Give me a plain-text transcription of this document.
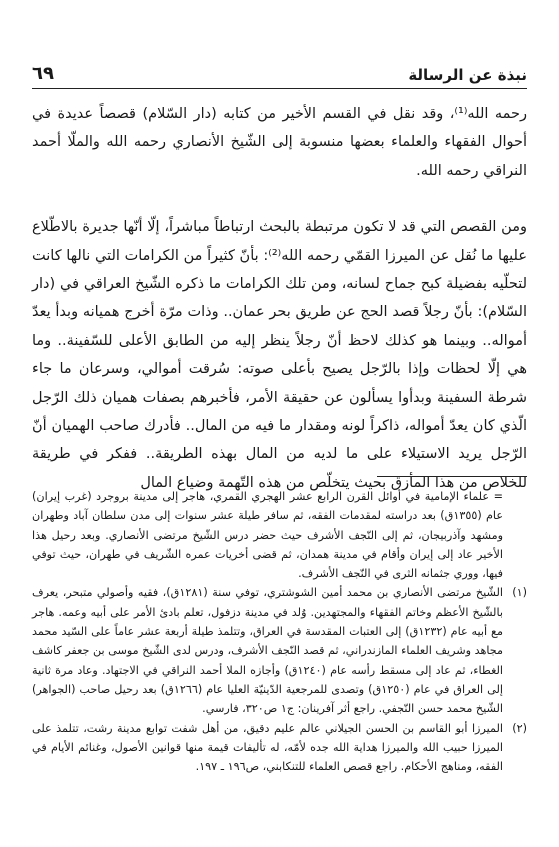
نبذة عن الرسالة
٦٩

رحمه الله⁽¹⁾، وقد نقل في القسم الأخير من كتابه (دار السّلام) قصصاً عديدة في أحوال الفقهاء والعلماء بعضها منسوبة إلى الشّيخ الأنصاري رحمه الله والملّا أحمد النراقي رحمه الله.

ومن القصص التي قد لا تكون مرتبطة بالبحث ارتباطاً مباشراً، إلّا أنّها جديرة بالاطّلاع عليها ما نُقل عن الميرزا القمّي رحمه الله⁽²⁾: بأنّ كثيراً من الكرامات التي نالها كانت لتحلّيه بفضيلة كبح جماح لسانه، ومن تلك الكرامات ما ذكره الشّيخ العراقي في (دار السّلام): بأنّ رجلاً قصد الحج عن طريق بحر عمان.. وذات مرّة أخرج همیانه وبدأ يعدّ أمواله.. وبينما هو كذلك لاحظ أنّ رجلاً ينظر إليه من الطابق الأعلى للسّفينة.. وما هي إلّا لحظات وإذا بالرّجل يصيح بأعلى صوته: سُرقت أموالي، وسرعان ما جاء شرطة السفينة وبدأوا يسألون عن حقيقة الأمر، فأخبرهم بصفات هميان ذلك الرّجل الّذي كان يعدّ أمواله، ذاكراً لونه ومقدار ما فيه من المال.. فأدرك صاحب الهميان أنّ الرّجل يريد الاستيلاء على ما لديه من المال بهذه الطريقة.. ففكر في طريقة للخلاص من هذا المأزق بحيث يتخلّص من هذه التّهمة وضياع المال

= علماء الإمامية في أوائل القرن الرابع عشر الهجري القمري، هاجر إلى مدينة بروجرد (غرب إيران) عام (١٣٥٥ق) بعد دراسته لمقدمات الفقه، ثم سافر طيلة عشر سنوات إلى مدن سلطان آباد وطهران ومشهد وآذربيجان، ثم إلى النّجف الأشرف حيث حضر درس الشّيخ مرتضى الأنصاري. وبعد رحيل هذا الأخير عاد إلى إيران وأقام في مدينة همدان، ثم قضى أخريات عمره الشّريف في طهران، حيث توفي فيها، ووري جثمانه الثرى في النّجف الأشرف.
(١)
الشّيخ مرتضى الأنصاري بن محمد أمين الشوشتري، توفي سنة (١٢٨١ق)، فقيه وأصولي متبحر، يعرف بالشّيخ الأعظم وخاتم الفقهاء والمجتهدين. وُلد في مدينة دزفول، تعلم بادئ الأمر على أبيه وعمه. هاجر مع أبيه عام (١٢٣٢ق) إلى العتبات المقدسة في العراق، وتتلمذ طيلة أربعة عشر عاماً على السّيد محمد مجاهد وشريف العلماء المازندراني، ثم قصد النّجف الأشرف، ودرس لدى الشّيخ موسى بن جعفر كاشف الغطاء، ثم عاد إلى مسقط رأسه عام (١٢٤٠ق) وأجازه الملا أحمد النراقي في الاجتهاد. وعاد مرة ثانية إلى العراق في عام (١٢٥٠ق) وتصدى للمرجعية الدّينيّة العليا عام (١٢٦٦ق) بعد رحيل صاحب (الجواهر) الشّيخ محمد حسن النّجفي. راجع أثر آفرينان: ج١ ص٣٢٠، فارسي.
(٢)
الميرزا أبو القاسم بن الحسن الجيلاني عالم عليم دقيق، من أهل شفت توابع مدينة رشت، تتلمذ على الميرزا حبيب الله والميرزا هداية الله جده لأمّه، له تأليفات قيمة منها قوانين الأصول، وغنائم الأيام في الفقه، ومناهج الأحكام. راجع قصص العلماء للتنكابني، ص١٩٦ ـ ١٩٧.
